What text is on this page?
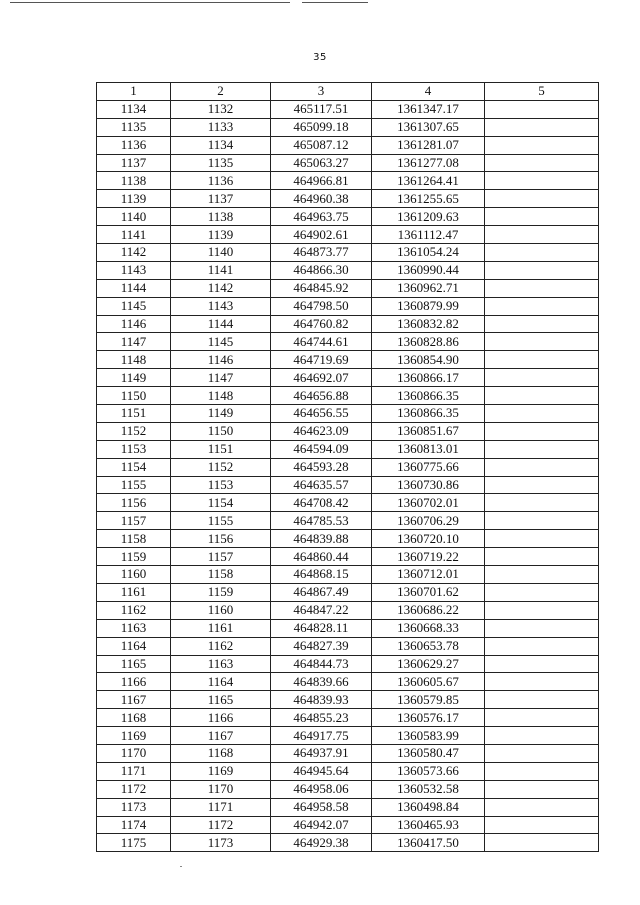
35
1	2	3	4	5
1134	1132	465117.51	1361347.17	
1135	1133	465099.18	1361307.65	
1136	1134	465087.12	1361281.07	
1137	1135	465063.27	1361277.08	
1138	1136	464966.81	1361264.41	
1139	1137	464960.38	1361255.65	
1140	1138	464963.75	1361209.63	
1141	1139	464902.61	1361112.47	
1142	1140	464873.77	1361054.24	
1143	1141	464866.30	1360990.44	
1144	1142	464845.92	1360962.71	
1145	1143	464798.50	1360879.99	
1146	1144	464760.82	1360832.82	
1147	1145	464744.61	1360828.86	
1148	1146	464719.69	1360854.90	
1149	1147	464692.07	1360866.17	
1150	1148	464656.88	1360866.35	
1151	1149	464656.55	1360866.35	
1152	1150	464623.09	1360851.67	
1153	1151	464594.09	1360813.01	
1154	1152	464593.28	1360775.66	
1155	1153	464635.57	1360730.86	
1156	1154	464708.42	1360702.01	
1157	1155	464785.53	1360706.29	
1158	1156	464839.88	1360720.10	
1159	1157	464860.44	1360719.22	
1160	1158	464868.15	1360712.01	
1161	1159	464867.49	1360701.62	
1162	1160	464847.22	1360686.22	
1163	1161	464828.11	1360668.33	
1164	1162	464827.39	1360653.78	
1165	1163	464844.73	1360629.27	
1166	1164	464839.66	1360605.67	
1167	1165	464839.93	1360579.85	
1168	1166	464855.23	1360576.17	
1169	1167	464917.75	1360583.99	
1170	1168	464937.91	1360580.47	
1171	1169	464945.64	1360573.66	
1172	1170	464958.06	1360532.58	
1173	1171	464958.58	1360498.84	
1174	1172	464942.07	1360465.93	
1175	1173	464929.38	1360417.50	
